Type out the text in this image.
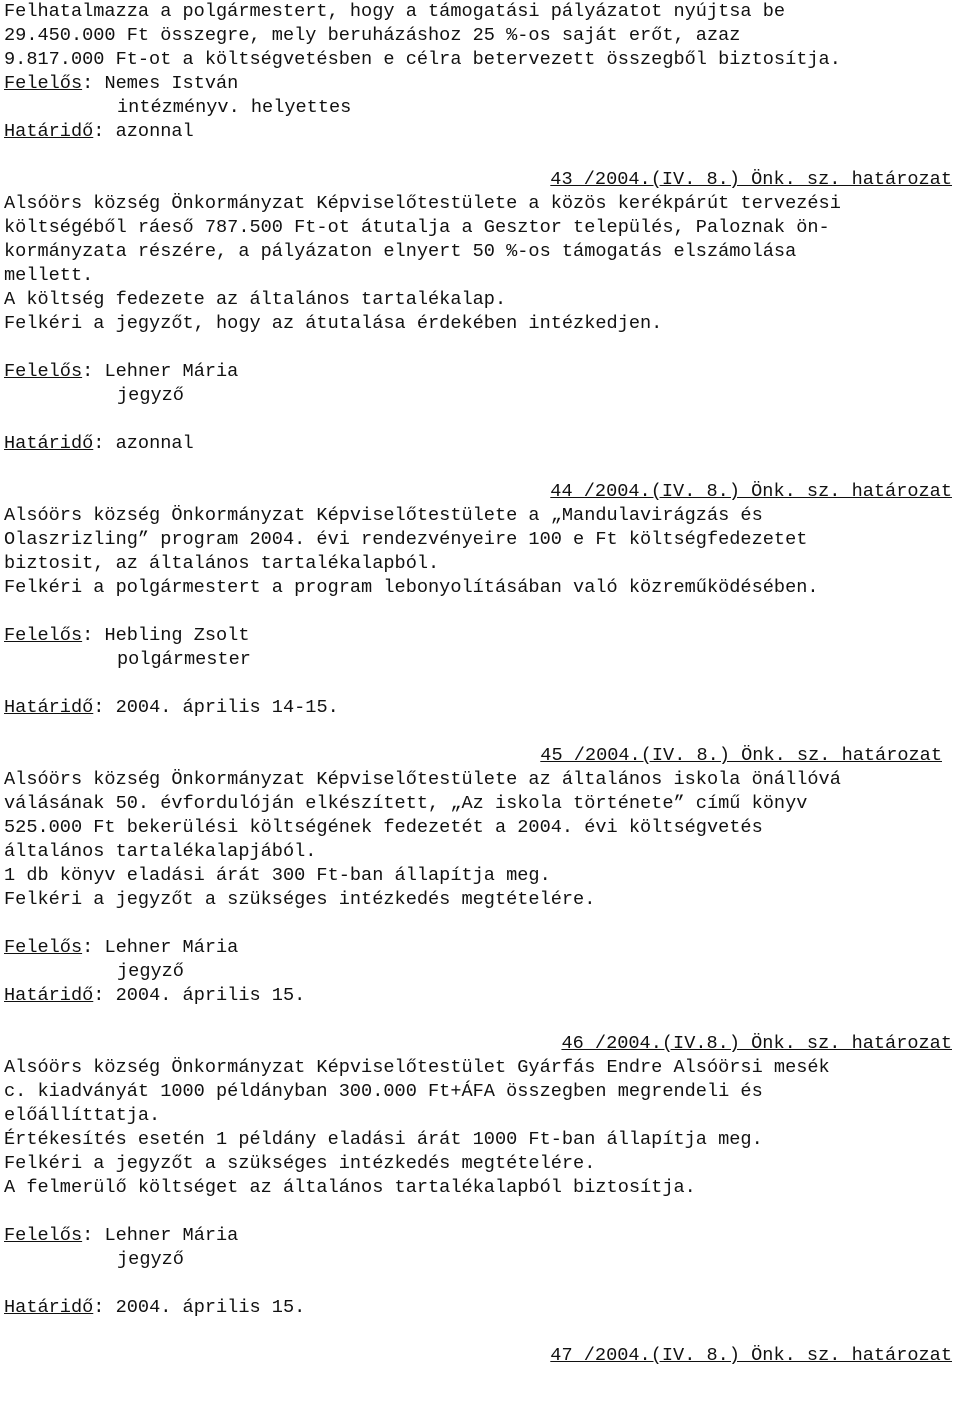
Felhatalmazza a polgármestert, hogy a támogatási pályázatot nyújtsa be
29.450.000 Ft összegre, mely beruházáshoz 25 %-os saját erőt, azaz
9.817.000 Ft-ot a költségvetésben e célra betervezett összegből biztosítja.
Felelős: Nemes István
intézményv. helyettes
Határidő: azonnal
43 /2004.(IV. 8.) Önk. sz. határozat
Alsóörs község Önkormányzat Képviselőtestülete a közös kerékpárút tervezési
költségéből ráeső 787.500 Ft-ot átutalja a Gesztor település, Paloznak ön-
kormányzata részére, a pályázaton elnyert 50 %-os támogatás elszámolása
mellett.
A költség fedezete az általános tartalékalap.
Felkéri a jegyzőt, hogy az átutalása érdekében intézkedjen.
Felelős: Lehner Mária
jegyző
Határidő: azonnal
44 /2004.(IV. 8.) Önk. sz. határozat
Alsóörs község Önkormányzat Képviselőtestülete a „Mandulavirágzás és
Olaszrizling” program 2004. évi rendezvényeire 100 e Ft költségfedezetet
biztosit, az általános tartalékalapból.
Felkéri a polgármestert a program lebonyolításában való közreműködésében.
Felelős: Hebling Zsolt
polgármester
Határidő: 2004. április 14-15.
45 /2004.(IV. 8.) Önk. sz. határozat
Alsóörs község Önkormányzat Képviselőtestülete az általános iskola önállóvá
válásának 50. évfordulóján elkészített, „Az iskola története” című könyv
525.000 Ft bekerülési költségének fedezetét a 2004. évi költségvetés
általános tartalékalapjából.
1 db könyv eladási árát 300 Ft-ban állapítja meg.
Felkéri a jegyzőt a szükséges intézkedés megtételére.
Felelős: Lehner Mária
jegyző
Határidő: 2004. április 15.
46 /2004.(IV.8.) Önk. sz. határozat
Alsóörs község Önkormányzat Képviselőtestület Gyárfás Endre Alsóörsi mesék
c. kiadványát 1000 példányban 300.000 Ft+ÁFA összegben megrendeli és
előállíttatja.
Értékesítés esetén 1 példány eladási árát 1000 Ft-ban állapítja meg.
Felkéri a jegyzőt a szükséges intézkedés megtételére.
A felmerülő költséget az általános tartalékalapból biztosítja.
Felelős: Lehner Mária
jegyző
Határidő: 2004. április 15.
47 /2004.(IV. 8.) Önk. sz. határozat
